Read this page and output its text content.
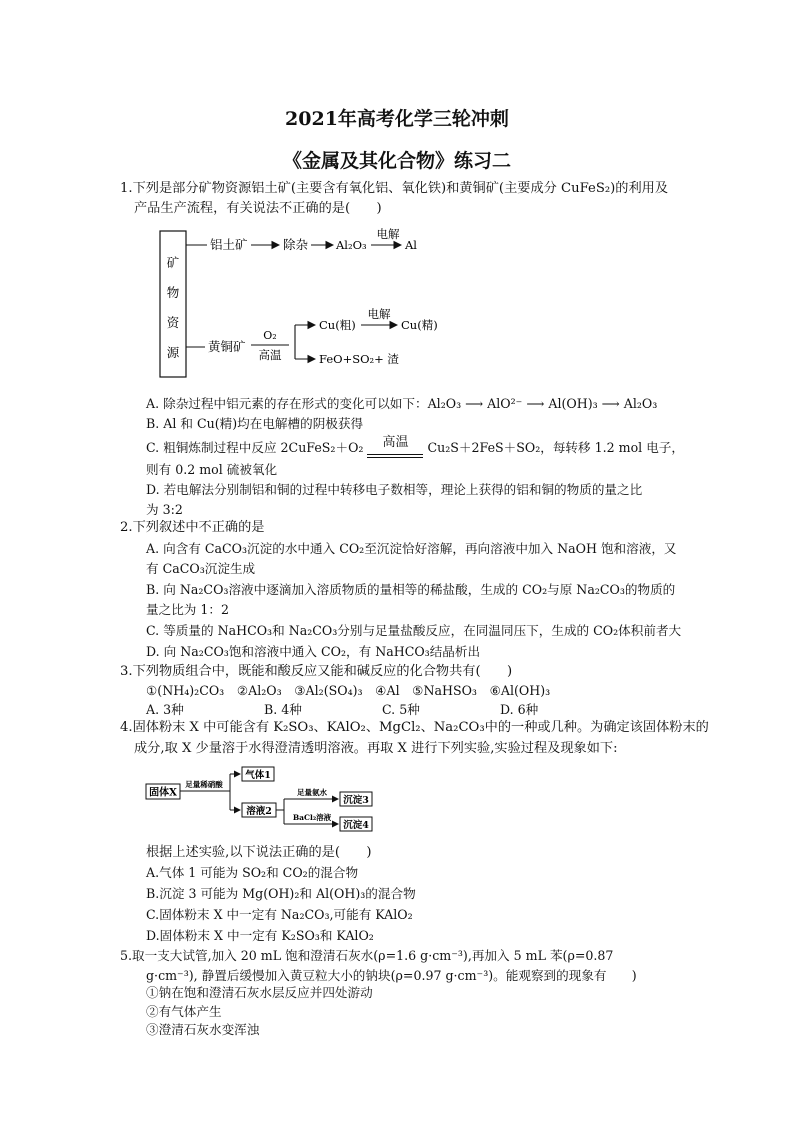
2021年高考化学三轮冲刺
《金属及其化合物》练习二
1.下列是部分矿物资源铝土矿(主要含有氧化铝、氧化铁)和黄铜矿(主要成分 CuFeS₂)的利用及
产品生产流程，有关说法不正确的是(　　)
矿
物
资
源
铝土矿	除杂 Al₂O₃
电解
Al
黄铜矿
O₂
高温
Cu(粗)
电解
Cu(精)
FeO+SO₂+ 渣
A. 除杂过程中铝元素的存在形式的变化可以如下：Al₂O₃ ⟶ AlO²⁻ ⟶ Al(OH)₃ ⟶ Al₂O₃
B. Al 和 Cu(精)均在电解槽的阴极获得
C. 粗铜炼制过程中反应 2CuFeS₂＋O₂	高温	Cu₂S＋2FeS＋SO₂，每转移 1.2 mol 电子，
则有 0.2 mol 硫被氧化
D. 若电解法分别制铝和铜的过程中转移电子数相等，理论上获得的铝和铜的物质的量之比
为 3:2
2.下列叙述中不正确的是
A. 向含有 CaCO₃沉淀的水中通入 CO₂至沉淀恰好溶解，再向溶液中加入 NaOH 饱和溶液，又
有 CaCO₃沉淀生成
B. 向 Na₂CO₃溶液中逐滴加入溶质物质的量相等的稀盐酸，生成的 CO₂与原 Na₂CO₃的物质的
量之比为 1：2
C. 等质量的 NaHCO₃和 Na₂CO₃分别与足量盐酸反应，在同温同压下，生成的 CO₂体积前者大
D. 向 Na₂CO₃饱和溶液中通入 CO₂，有 NaHCO₃结晶析出
3.下列物质组合中，既能和酸反应又能和碱反应的化合物共有(　　)
①(NH₄)₂CO₃　②Al₂O₃　③Al₂(SO₄)₃　④Al　⑤NaHSO₃　⑥Al(OH)₃
A. 3种	B. 4种	C. 5种	D. 6种
4.固体粉末 X 中可能含有 K₂SO₃、KAlO₂、MgCl₂、Na₂CO₃中的一种或几种。为确定该固体粉末的
成分,取 X 少量溶于水得澄清透明溶液。再取 X 进行下列实验,实验过程及现象如下:
固体X
足量稀硝酸
气体1
溶液2
足量氨水
BaCl₂溶液
沉淀3
沉淀4
根据上述实验,以下说法正确的是(　　)
A.气体 1 可能为 SO₂和 CO₂的混合物
B.沉淀 3 可能为 Mg(OH)₂和 Al(OH)₃的混合物
C.固体粉末 X 中一定有 Na₂CO₃,可能有 KAlO₂
D.固体粉末 X 中一定有 K₂SO₃和 KAlO₂
5.取一支大试管,加入 20 mL 饱和澄清石灰水(ρ=1.6 g·cm⁻³),再加入 5 mL 苯(ρ=0.87
g·cm⁻³), 静置后缓慢加入黄豆粒大小的钠块(ρ=0.97 g·cm⁻³)。能观察到的现象有　　)
①钠在饱和澄清石灰水层反应并四处游动
②有气体产生
③澄清石灰水变浑浊
